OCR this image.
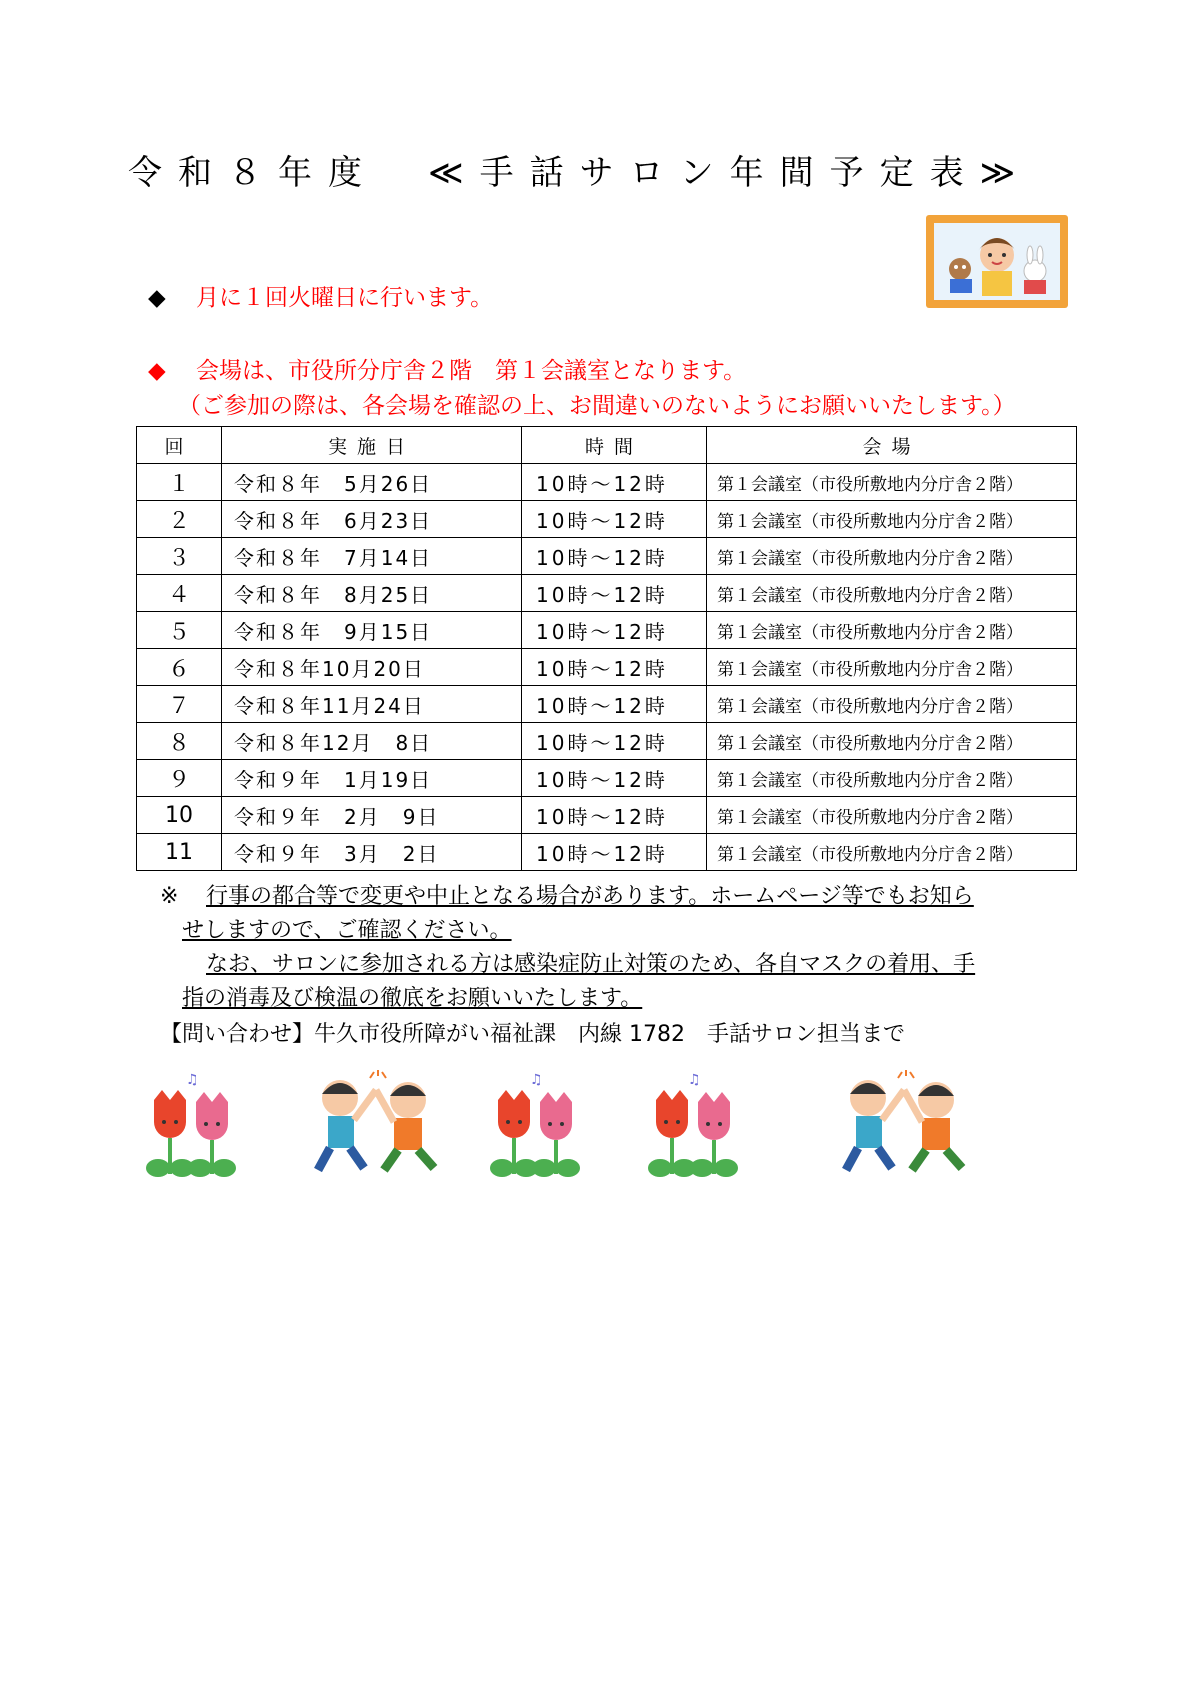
令和８年度　≪手話サロン年間予定表≫
◆ 月に１回火曜日に行います。
◆ 会場は、市役所分庁舎２階　第１会議室となります。
（ご参加の際は、各会場を確認の上、お間違いのないようにお願いいたします。）
回	実施日	時間	会場
１	令和８年　5月26日	10時～12時	第１会議室（市役所敷地内分庁舎２階）
２	令和８年　6月23日	10時～12時	第１会議室（市役所敷地内分庁舎２階）
３	令和８年　7月14日	10時～12時	第１会議室（市役所敷地内分庁舎２階）
４	令和８年　8月25日	10時～12時	第１会議室（市役所敷地内分庁舎２階）
５	令和８年　9月15日	10時～12時	第１会議室（市役所敷地内分庁舎２階）
６	令和８年10月20日	10時～12時	第１会議室（市役所敷地内分庁舎２階）
７	令和８年11月24日	10時～12時	第１会議室（市役所敷地内分庁舎２階）
８	令和８年12月　8日	10時～12時	第１会議室（市役所敷地内分庁舎２階）
９	令和９年　1月19日	10時～12時	第１会議室（市役所敷地内分庁舎２階）
10	令和９年　2月　9日	10時～12時	第１会議室（市役所敷地内分庁舎２階）
11	令和９年　3月　2日	10時～12時	第１会議室（市役所敷地内分庁舎２階）
※ 行事の都合等で変更や中止となる場合があります。ホームページ等でもお知ら
せしますので、ご確認ください。
なお、サロンに参加される方は感染症防止対策のため、各自マスクの着用、手
指の消毒及び検温の徹底をお願いいたします。
【問い合わせ】牛久市役所障がい福祉課　内線 1782　手話サロン担当まで
♫	♫	♫
